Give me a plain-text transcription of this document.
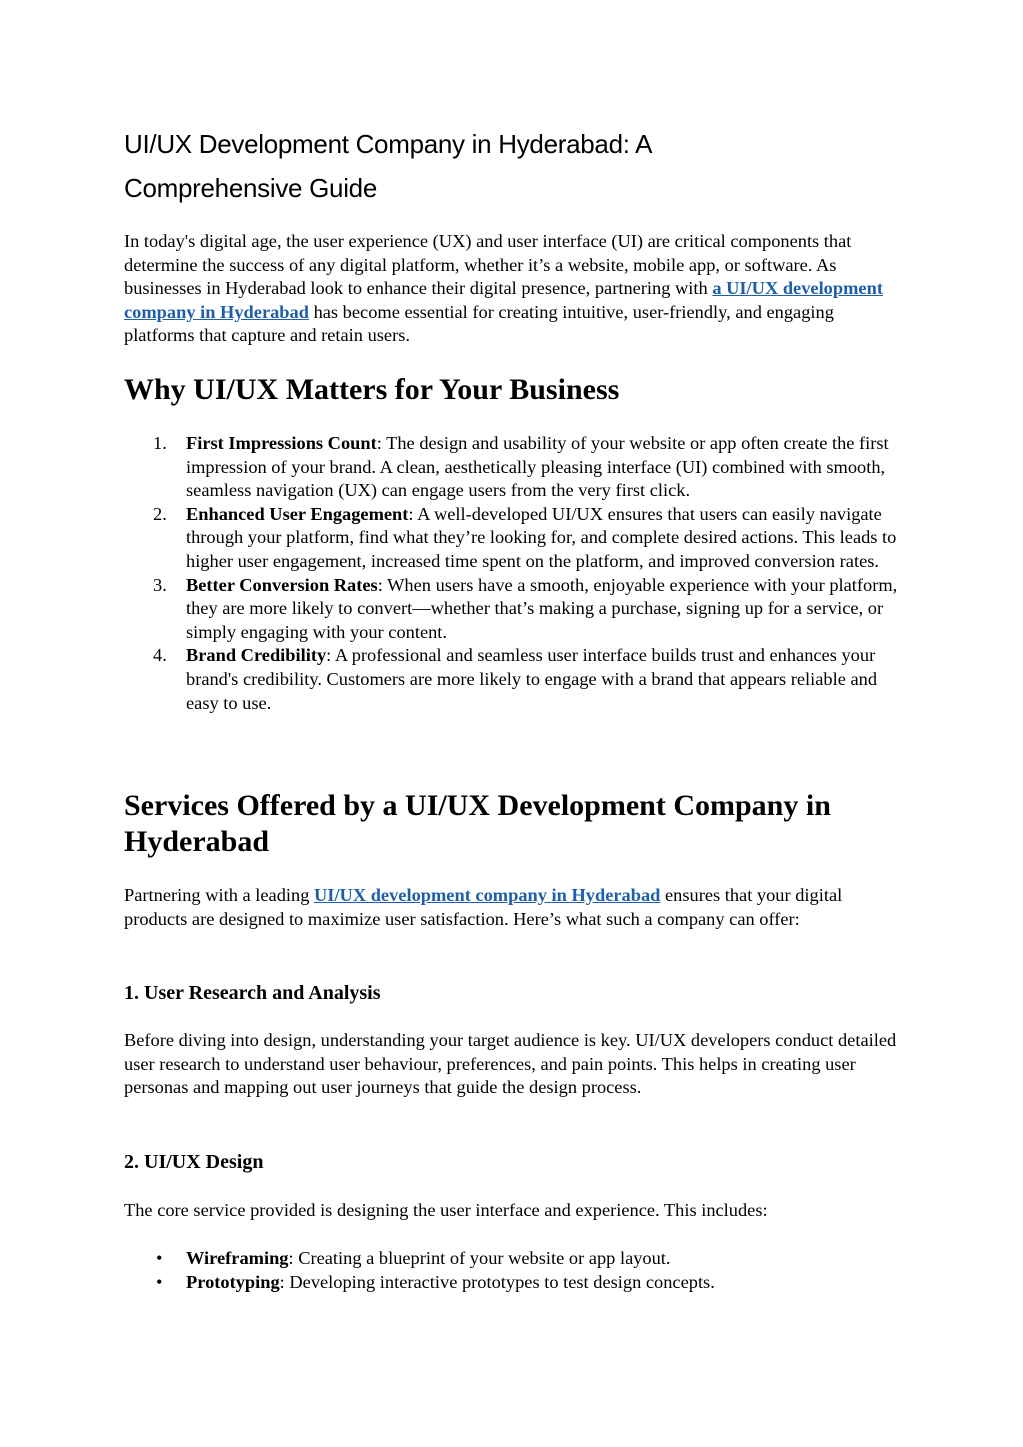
UI/UX Development Company in Hyderabad: A
Comprehensive Guide

In today's digital age, the user experience (UX) and user interface (UI) are critical components that determine the success of any digital platform, whether it’s a website, mobile app, or software. As businesses in Hyderabad look to enhance their digital presence, partnering with a UI/UX development company in Hyderabad has become essential for creating intuitive, user-friendly, and engaging platforms that capture and retain users.

Why UI/UX Matters for Your Business
1. First Impressions Count: The design and usability of your website or app often create the first impression of your brand. A clean, aesthetically pleasing interface (UI) combined with smooth, seamless navigation (UX) can engage users from the very first click.
2. Enhanced User Engagement: A well-developed UI/UX ensures that users can easily navigate through your platform, find what they’re looking for, and complete desired actions. This leads to higher user engagement, increased time spent on the platform, and improved conversion rates.
3. Better Conversion Rates: When users have a smooth, enjoyable experience with your platform, they are more likely to convert—whether that’s making a purchase, signing up for a service, or simply engaging with your content.
4. Brand Credibility: A professional and seamless user interface builds trust and enhances your brand's credibility. Customers are more likely to engage with a brand that appears reliable and easy to use.
Services Offered by a UI/UX Development Company in
Hyderabad

Partnering with a leading UI/UX development company in Hyderabad ensures that your digital products are designed to maximize user satisfaction. Here’s what such a company can offer:

1. User Research and Analysis

Before diving into design, understanding your target audience is key. UI/UX developers conduct detailed user research to understand user behaviour, preferences, and pain points. This helps in creating user personas and mapping out user journeys that guide the design process.

2. UI/UX Design

The core service provided is designing the user interface and experience. This includes:

• Wireframing: Creating a blueprint of your website or app layout.
• Prototyping: Developing interactive prototypes to test design concepts.
